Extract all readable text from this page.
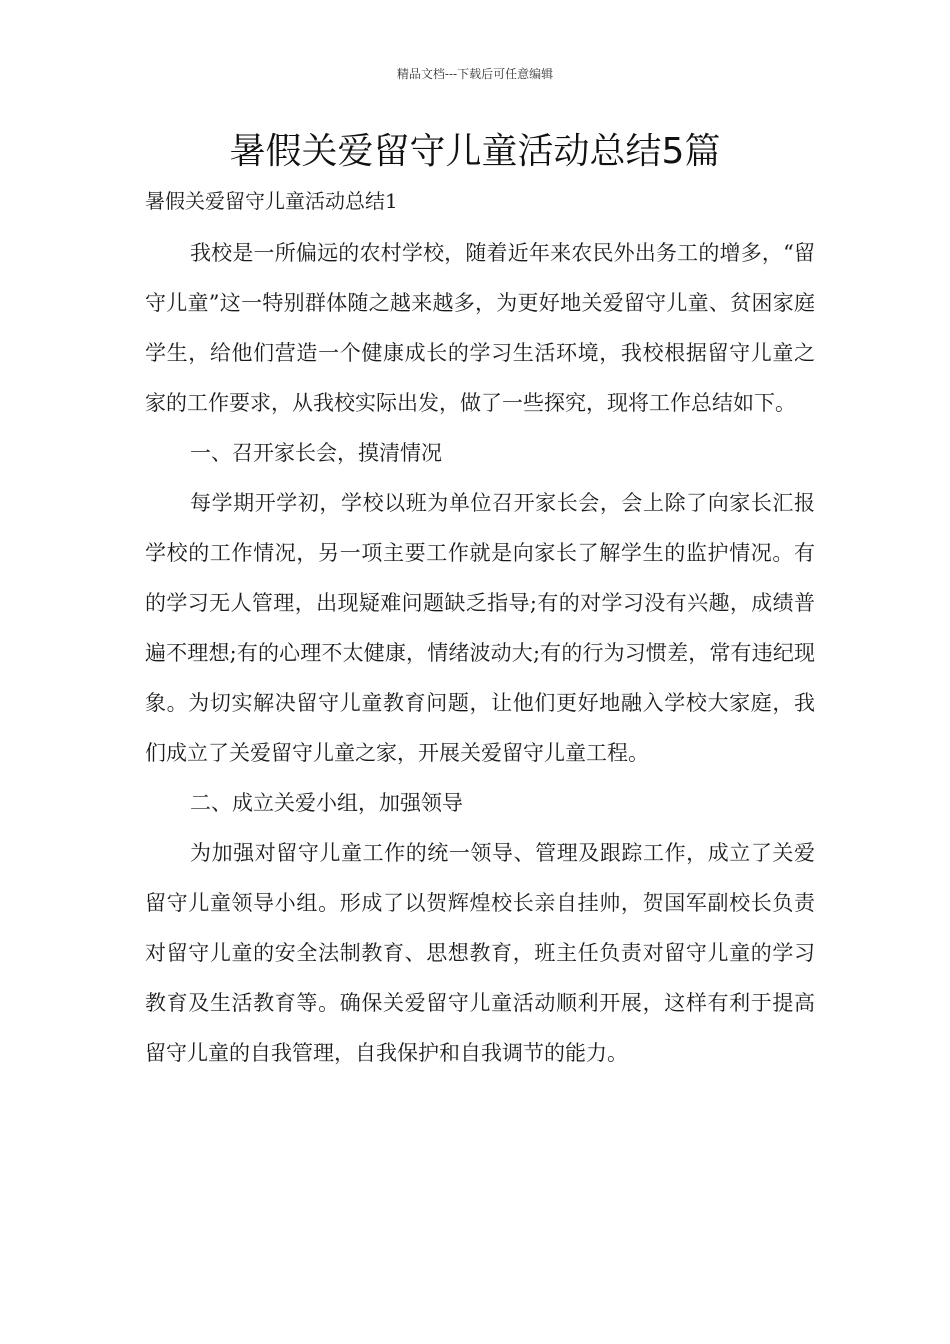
精品文档---下载后可任意编辑
暑假关爱留守儿童活动总结5篇

暑假关爱留守儿童活动总结1

我校是一所偏远的农村学校，随着近年来农民外出务工的增多，“留守儿童”这一特别群体随之越来越多，为更好地关爱留守儿童、贫困家庭学生，给他们营造一个健康成长的学习生活环境，我校根据留守儿童之家的工作要求，从我校实际出发，做了一些探究，现将工作总结如下。

一、召开家长会，摸清情况

每学期开学初，学校以班为单位召开家长会，会上除了向家长汇报学校的工作情况，另一项主要工作就是向家长了解学生的监护情况。有的学习无人管理，出现疑难问题缺乏指导;有的对学习没有兴趣，成绩普遍不理想;有的心理不太健康，情绪波动大;有的行为习惯差，常有违纪现象。为切实解决留守儿童教育问题，让他们更好地融入学校大家庭，我们成立了关爱留守儿童之家，开展关爱留守儿童工程。

二、成立关爱小组，加强领导

为加强对留守儿童工作的统一领导、管理及跟踪工作，成立了关爱留守儿童领导小组。形成了以贺辉煌校长亲自挂帅，贺国军副校长负责对留守儿童的安全法制教育、思想教育，班主任负责对留守儿童的学习教育及生活教育等。确保关爱留守儿童活动顺利开展，这样有利于提高留守儿童的自我管理，自我保护和自我调节的能力。
